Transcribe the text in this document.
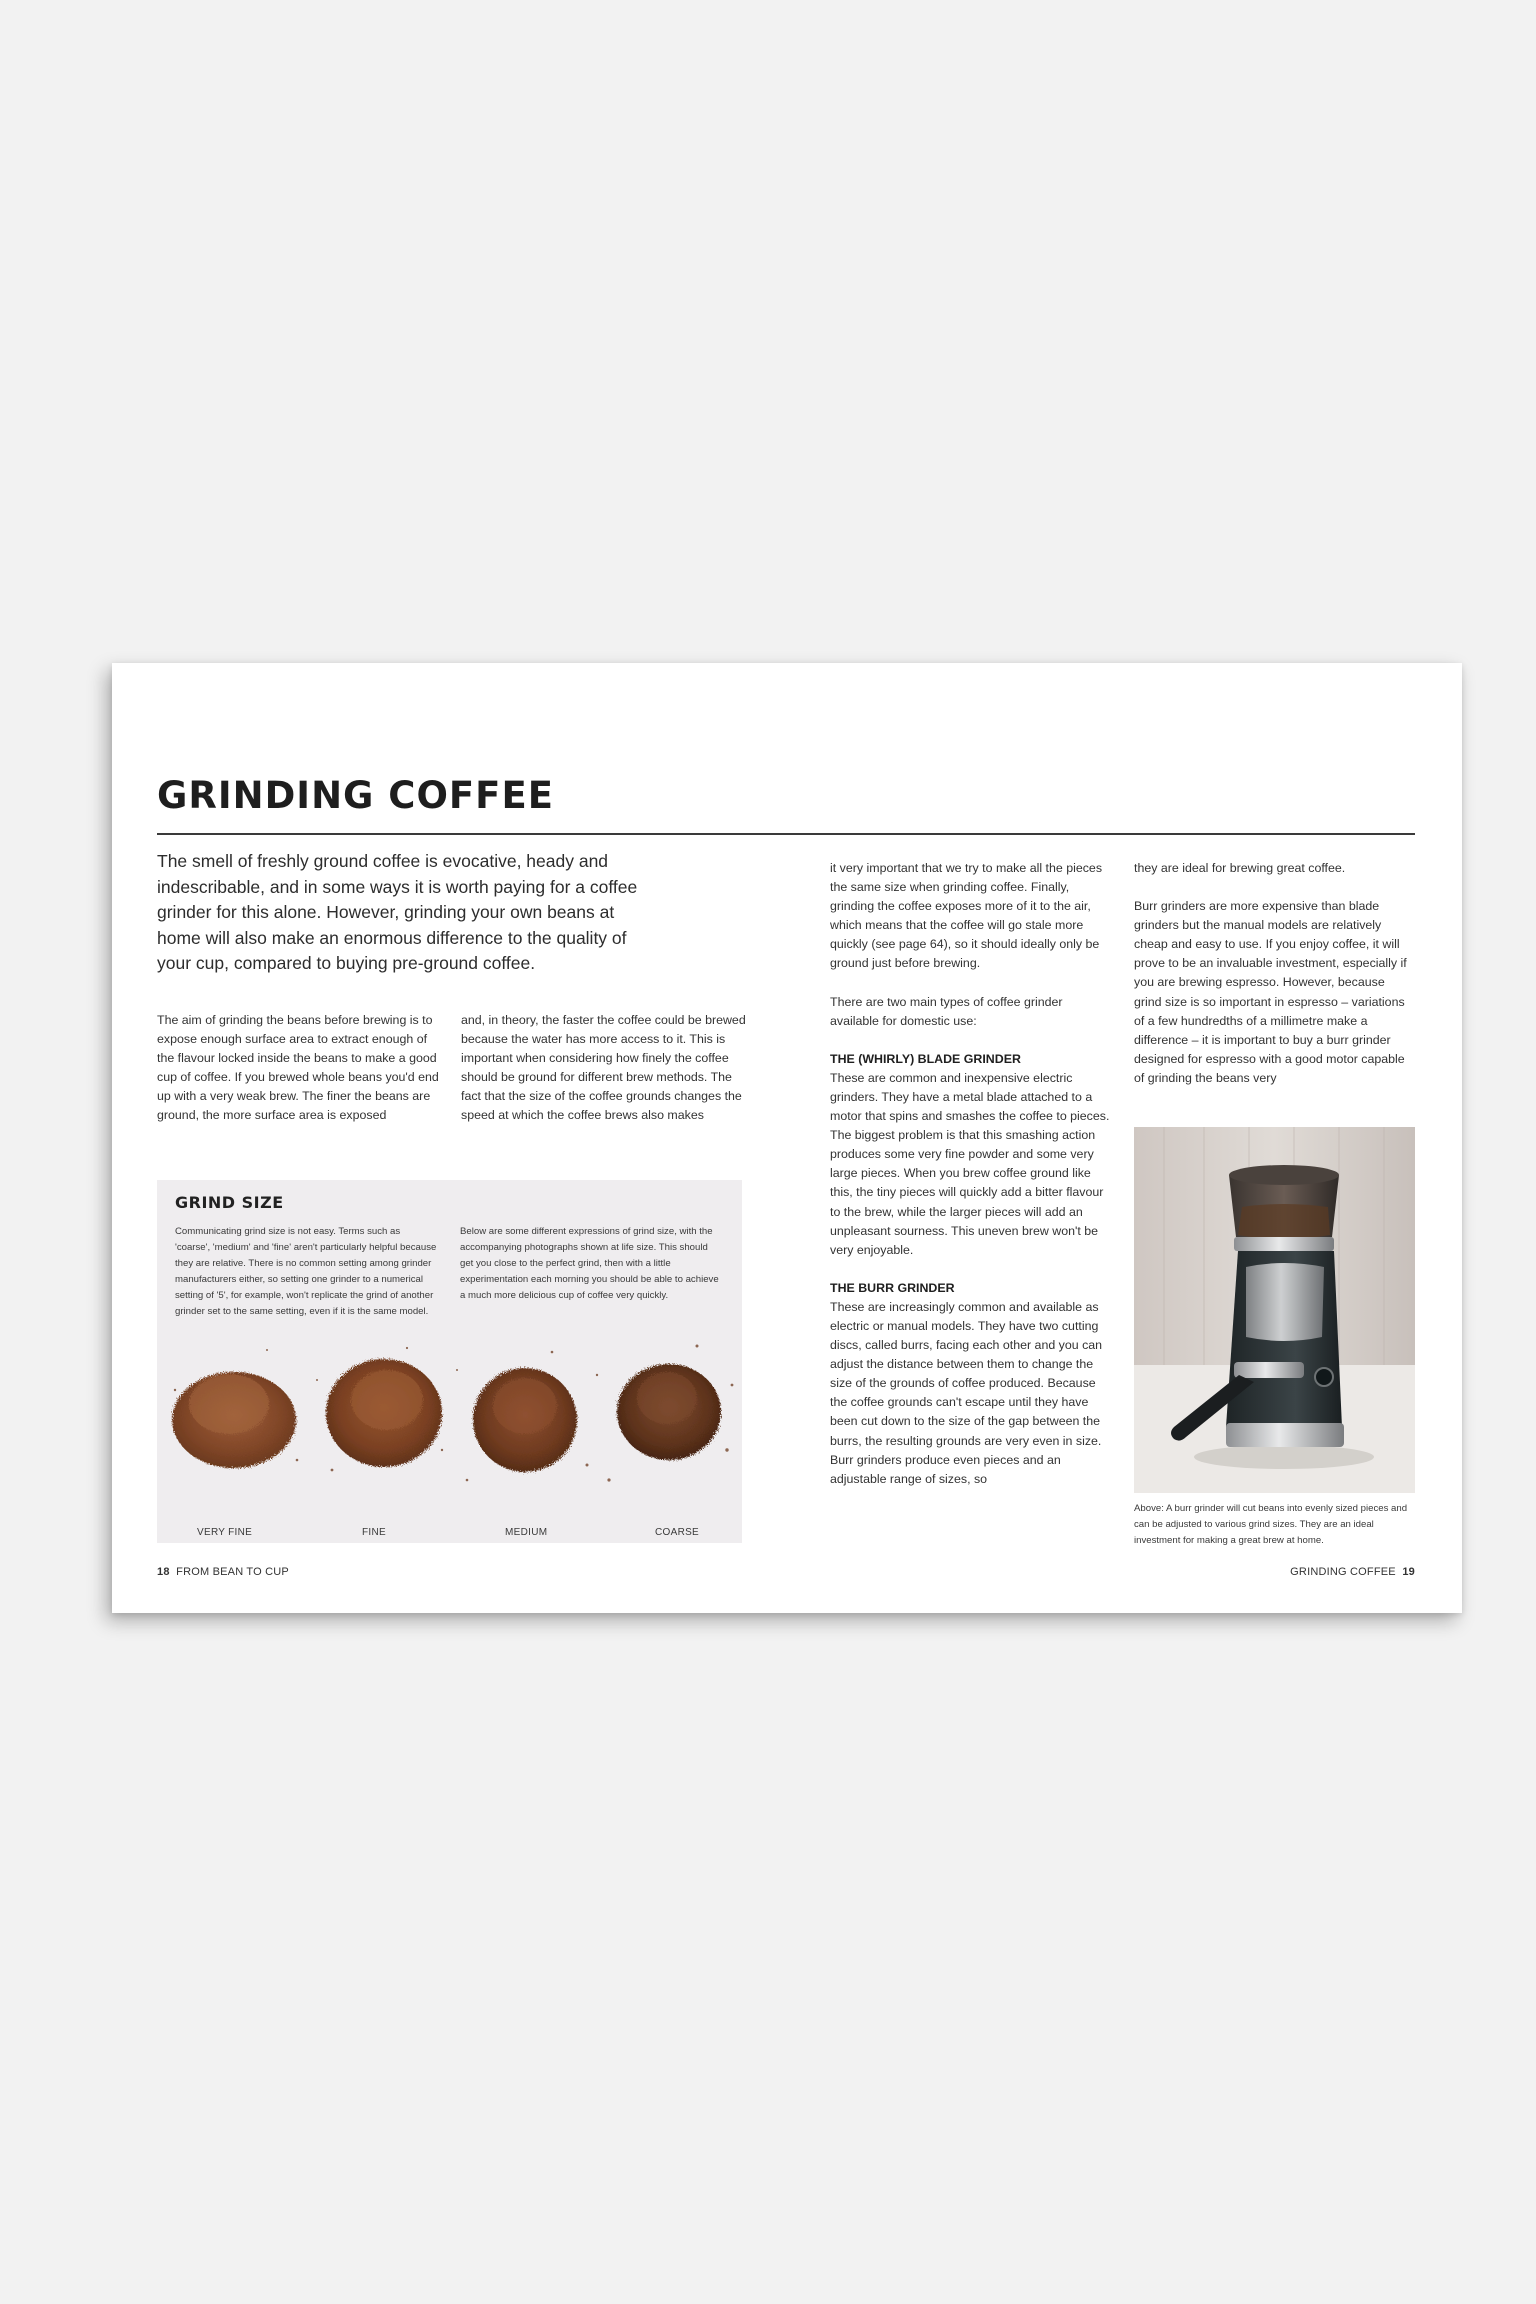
GRINDING COFFEE
The smell of freshly ground coffee is evocative, heady and indescribable, and in some ways it is worth paying for a coffee grinder for this alone. However, grinding your own beans at home will also make an enormous difference to the quality of your cup, compared to buying pre-ground coffee.

The aim of grinding the beans before brewing is to expose enough surface area to extract enough of the flavour locked inside the beans to make a good cup of coffee. If you brewed whole beans you'd end up with a very weak brew. The finer the beans are ground, the more surface area is exposed

and, in theory, the faster the coffee could be brewed because the water has more access to it. This is important when considering how finely the coffee should be ground for different brew methods. The fact that the size of the coffee grounds changes the speed at which the coffee brews also makes

GRIND SIZE
Communicating grind size is not easy. Terms such as 'coarse', 'medium' and 'fine' aren't particularly helpful because they are relative. There is no common setting among grinder manufacturers either, so setting one grinder to a numerical setting of '5', for example, won't replicate the grind of another grinder set to the same setting, even if it is the same model.
Below are some different expressions of grind size, with the accompanying photographs shown at life size. This should get you close to the perfect grind, then with a little experimentation each morning you should be able to achieve a much more delicious cup of coffee very quickly.
VERY FINE	FINE	MEDIUM	COARSE
18 FROM BEAN TO CUP

it very important that we try to make all the pieces the same size when grinding coffee. Finally, grinding the coffee exposes more of it to the air, which means that the coffee will go stale more quickly (see page 64), so it should ideally only be ground just before brewing.

There are two main types of coffee grinder available for domestic use:

THE (WHIRLY) BLADE GRINDER

These are common and inexpensive electric grinders. They have a metal blade attached to a motor that spins and smashes the coffee to pieces. The biggest problem is that this smashing action produces some very fine powder and some very large pieces. When you brew coffee ground like this, the tiny pieces will quickly add a bitter flavour to the brew, while the larger pieces will add an unpleasant sourness. This uneven brew won't be very enjoyable.

THE BURR GRINDER

These are increasingly common and available as electric or manual models. They have two cutting discs, called burrs, facing each other and you can adjust the distance between them to change the size of the grounds of coffee produced. Because the coffee grounds can't escape until they have been cut down to the size of the gap between the burrs, the resulting grounds are very even in size. Burr grinders produce even pieces and an adjustable range of sizes, so

they are ideal for brewing great coffee.

Burr grinders are more expensive than blade grinders but the manual models are relatively cheap and easy to use. If you enjoy coffee, it will prove to be an invaluable investment, especially if you are brewing espresso. However, because grind size is so important in espresso – variations of a few hundredths of a millimetre make a difference – it is important to buy a burr grinder designed for espresso with a good motor capable of grinding the beans very

Above: A burr grinder will cut beans into evenly sized pieces and can be adjusted to various grind sizes. They are an ideal investment for making a great brew at home.
GRINDING COFFEE 19
